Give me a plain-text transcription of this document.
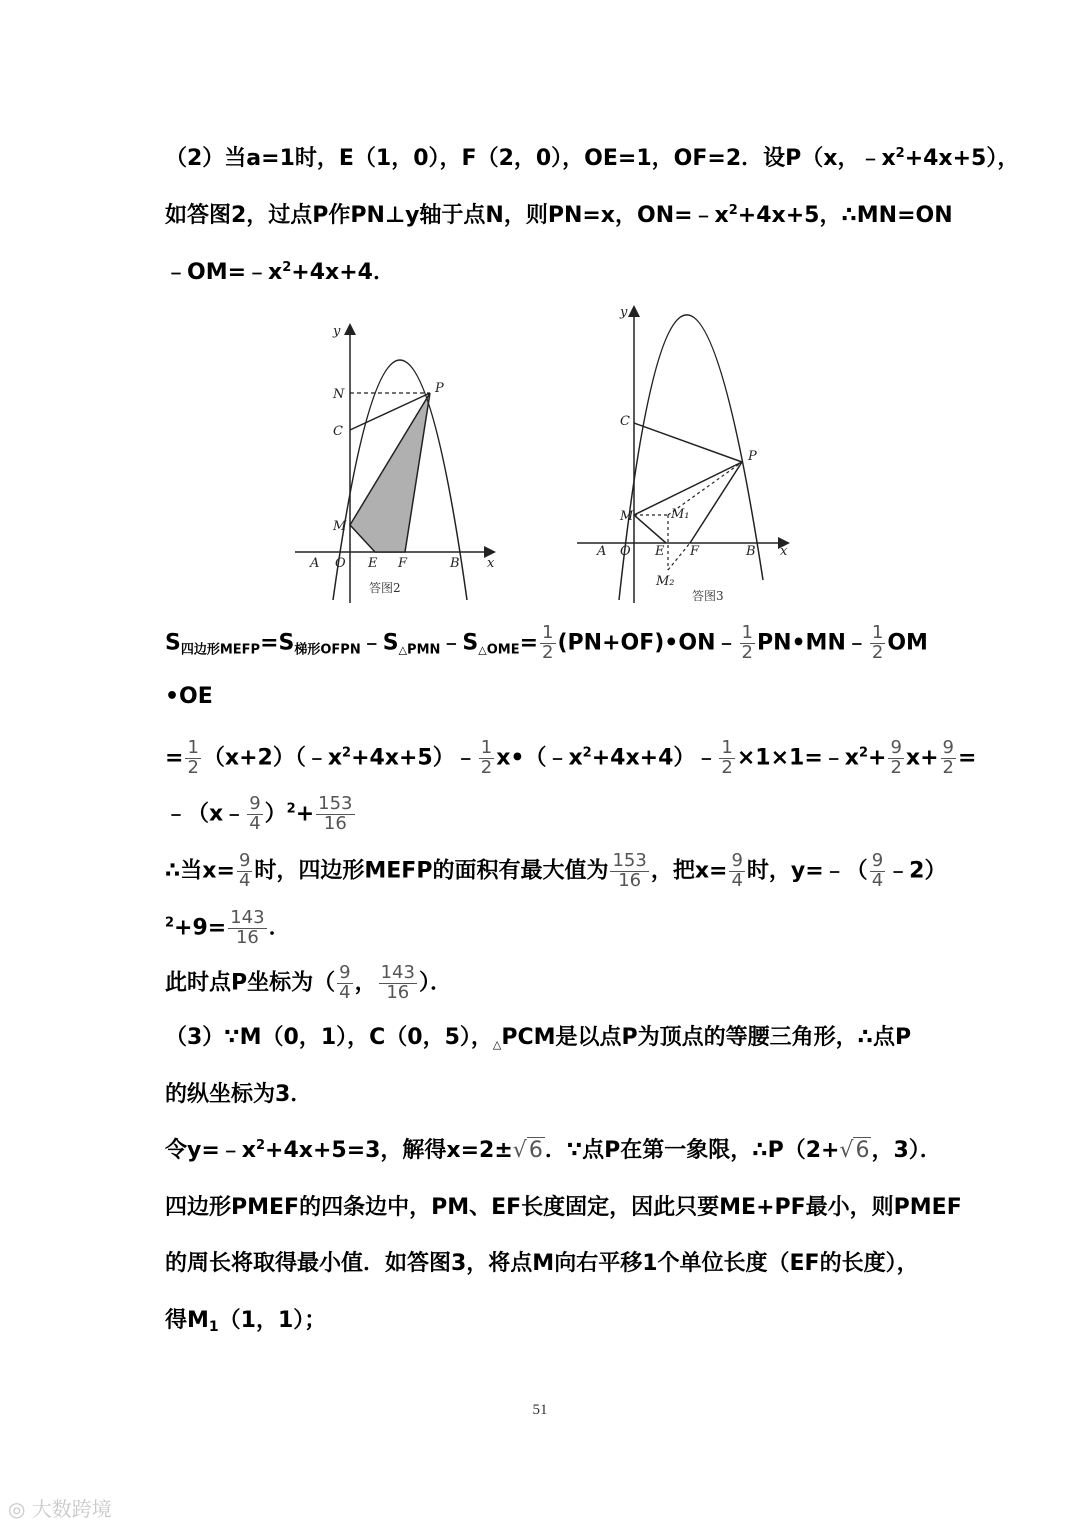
（2）当a=1时，E（1，0），F（2，0），OE=1，OF=2．设P（x，$﹣x^2+4x+5$），
如答图2，过点P作PN⊥y轴于点N，则PN=x，$ON=﹣x^2+4x+5$，∴MN=ON
$﹣OM=﹣x^2+4x+4$．
y
N	P
C
M
A O E F	B x
答图2
y
C
P
M	M₁
A O E F	B x
M₂
答图3
$S_{四边形MEFP}=S_{梯形OFPN}﹣S\triangle_{PMN}﹣S\triangle_{OME}= \frac{1}{2}$ (PN+OF)•ON﹣ $\frac{1}{2}$ PN•MN﹣ $\frac{1}{2}$ OM
•OE
= $\frac{1}{2}$ $(x+2)(﹣x^2+4x+5)﹣ \frac{1}{2}$ $x•(﹣x^2+4x+4)﹣ \frac{1}{2}$ $\times 1\times 1=﹣x^2+ \frac{9}{2} x+ \frac{9}{2}$ =
﹣（x﹣ $\frac{9}{4} )^2+ \frac{153}{16}$
∴当$x= \frac{9}{4}$ 时，四边形MEFP的面积有最大值为 $\frac{153}{16}$ ，把$x= \frac{9}{4}$ 时，y=﹣（ $\frac{9}{4}$ ﹣2）
$^2+9= \frac{143}{16}$ ．
此时点P坐标为（ $\frac{9}{4}$ ， $\frac{143}{16}$ ）．
（3）∵M（0，1），C（0，5），△PCM是以点P为顶点的等腰三角形，∴点P
的纵坐标为3．
令$y=﹣x^2+4x+5=3$，解得x=2±√6．∵点P在第一象限，∴P（2+√6，3）．
四边形PMEF的四条边中，PM、EF长度固定，因此只要ME+PF最小，则PMEF
的周长将取得最小值．如答图3，将点M向右平移1个单位长度（EF的长度），
得$M_1(1$，1）；
51
◎ 大数跨境
